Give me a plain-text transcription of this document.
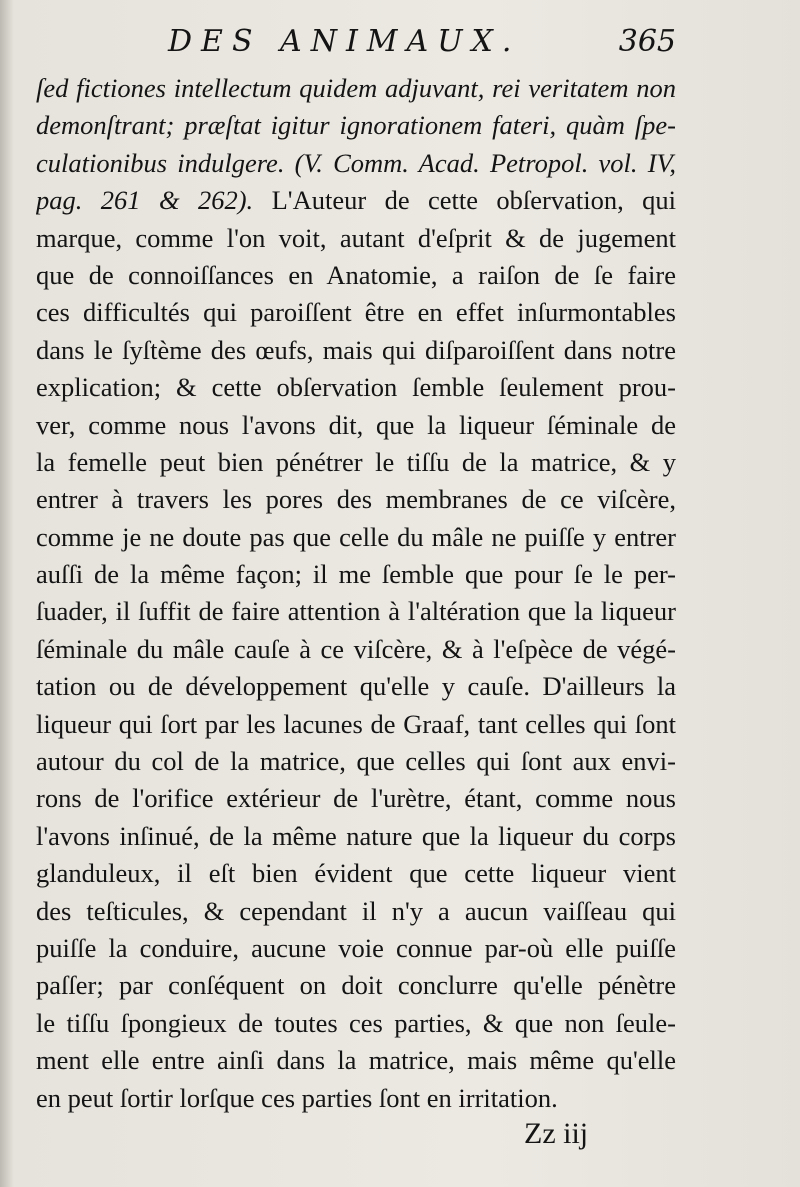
DES ANIMAUX.	365
ſed fictiones intellectum quidem adjuvant, rei veritatem non
demonſtrant; præſtat igitur ignorationem fateri, quàm ſpe-
culationibus indulgere. (V. Comm. Acad. Petropol. vol. IV,
pag. 261 & 262). L'Auteur de cette obſervation, qui
marque, comme l'on voit, autant d'eſprit & de jugement
que de connoiſſances en Anatomie, a raiſon de ſe faire
ces difficultés qui paroiſſent être en effet inſurmontables
dans le ſyſtème des œufs, mais qui diſparoiſſent dans notre
explication; & cette obſervation ſemble ſeulement prou-
ver, comme nous l'avons dit, que la liqueur ſéminale de
la femelle peut bien pénétrer le tiſſu de la matrice, & y
entrer à travers les pores des membranes de ce viſcère,
comme je ne doute pas que celle du mâle ne puiſſe y entrer
auſſi de la même façon; il me ſemble que pour ſe le per-
ſuader, il ſuffit de faire attention à l'altération que la liqueur
ſéminale du mâle cauſe à ce viſcère, & à l'eſpèce de végé-
tation ou de développement qu'elle y cauſe. D'ailleurs la
liqueur qui ſort par les lacunes de Graaf, tant celles qui ſont
autour du col de la matrice, que celles qui ſont aux envi-
rons de l'orifice extérieur de l'urètre, étant, comme nous
l'avons inſinué, de la même nature que la liqueur du corps
glanduleux, il eſt bien évident que cette liqueur vient
des teſticules, & cependant il n'y a aucun vaiſſeau qui
puiſſe la conduire, aucune voie connue par-où elle puiſſe
paſſer; par conſéquent on doit conclurre qu'elle pénètre
le tiſſu ſpongieux de toutes ces parties, & que non ſeule-
ment elle entre ainſi dans la matrice, mais même qu'elle
en peut ſortir lorſque ces parties ſont en irritation.
Zz iij
